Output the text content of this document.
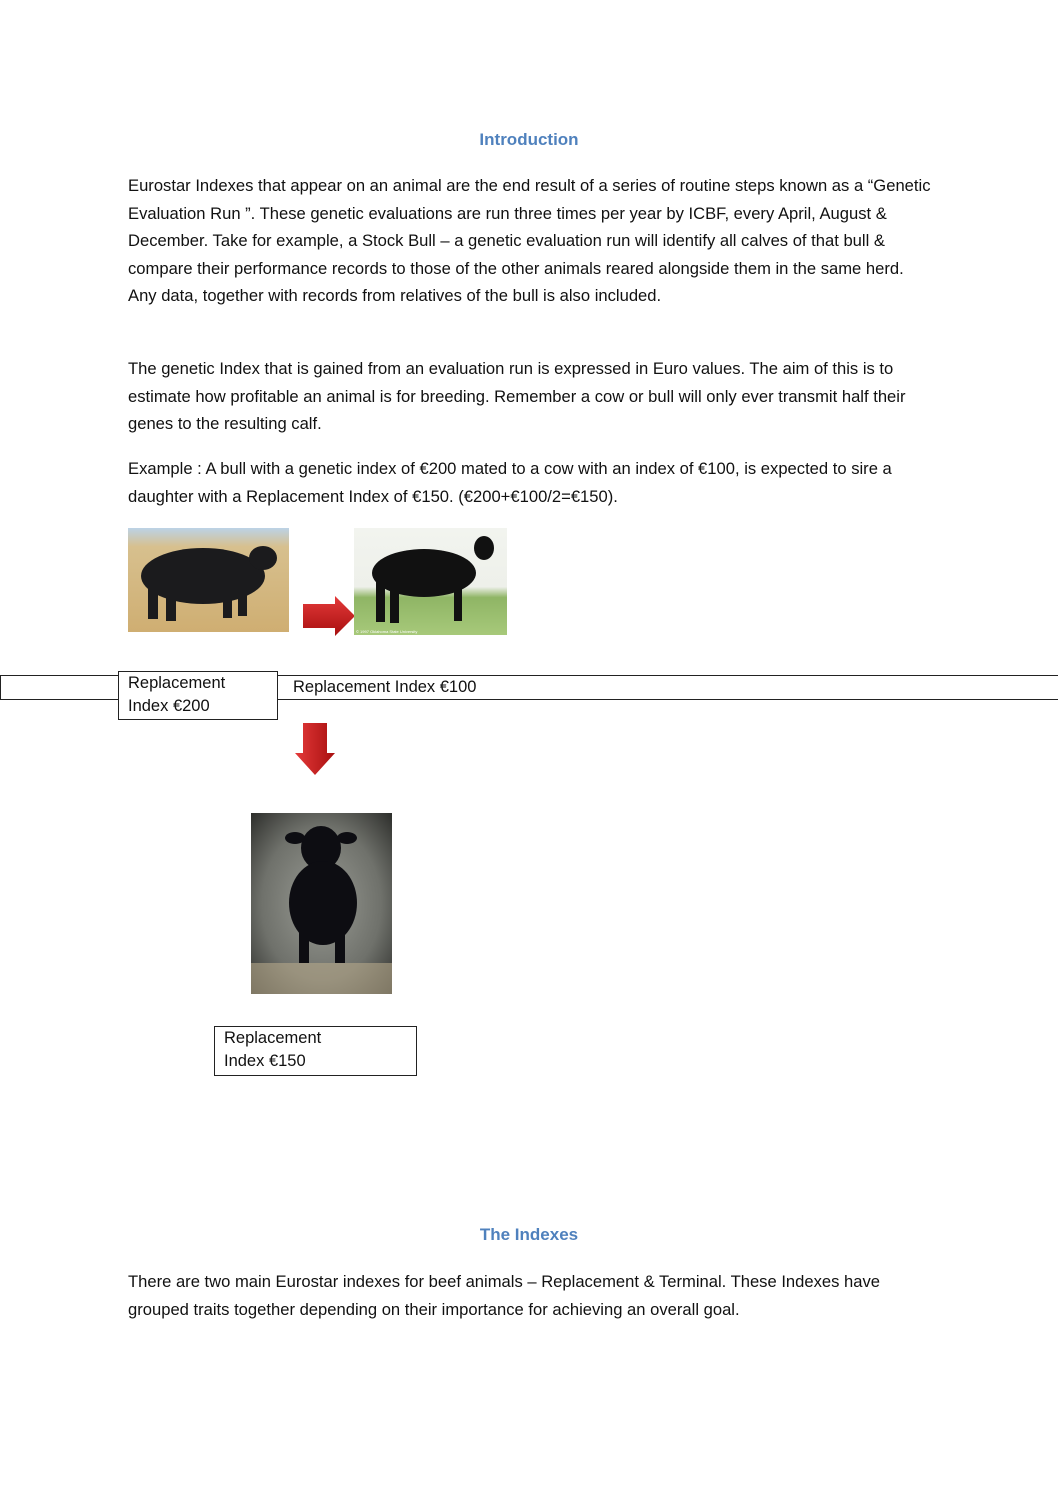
Introduction

Eurostar Indexes that appear on an animal are the end result of a series of routine steps known as a “Genetic Evaluation Run ”. These genetic evaluations are run three times per year by ICBF, every April, August & December. Take for example, a Stock Bull – a genetic evaluation run will identify all calves of that bull & compare their performance records to those of the other animals reared alongside them in the same herd. Any data, together with records from relatives of the bull is also included.

The genetic Index that is gained from an evaluation run is expressed in Euro values. The aim of this is to estimate how profitable an animal is for breeding. Remember a cow or bull will only ever transmit half their genes to the resulting calf.

Example : A bull with a genetic index of €200 mated to a cow with an index of €100, is expected to sire a daughter with a Replacement Index of €150. (€200+€100/2=€150).

© 1997 Oklahoma State University
Replacement Index €100
Replacement
Index €200
Replacement
Index €150
The Indexes

There are two main Eurostar indexes for beef animals – Replacement & Terminal. These Indexes have grouped traits together depending on their importance for achieving an overall goal.
